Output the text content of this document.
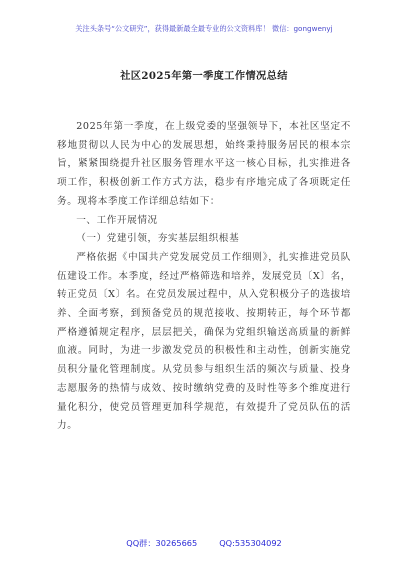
关注头条号“公文研究”，获得最新最全最专业的公文资料库！ 微信：gongwenyj
社区2025年第一季度工作情况总结

2025年第一季度，在上级党委的坚强领导下，本社区坚定不移地贯彻以人民为中心的发展思想，始终秉持服务居民的根本宗旨，紧紧围绕提升社区服务管理水平这一核心目标，扎实推进各项工作，积极创新工作方式方法，稳步有序地完成了各项既定任务。现将本季度工作详细总结如下：

一、工作开展情况

（一）党建引领，夯实基层组织根基

严格依据《中国共产党发展党员工作细则》，扎实推进党员队伍建设工作。本季度，经过严格筛选和培养，发展党员〔X〕名，转正党员〔X〕名。在党员发展过程中，从入党积极分子的选拔培养、全面考察，到预备党员的规范接收、按期转正，每个环节都严格遵循规定程序，层层把关，确保为党组织输送高质量的新鲜血液。同时，为进一步激发党员的积极性和主动性，创新实施党员积分量化管理制度。从党员参与组织生活的频次与质量、投身志愿服务的热情与成效、按时缴纳党费的及时性等多个维度进行量化积分，使党员管理更加科学规范，有效提升了党员队伍的活力。

QQ群：30265665	QQ:535304092
